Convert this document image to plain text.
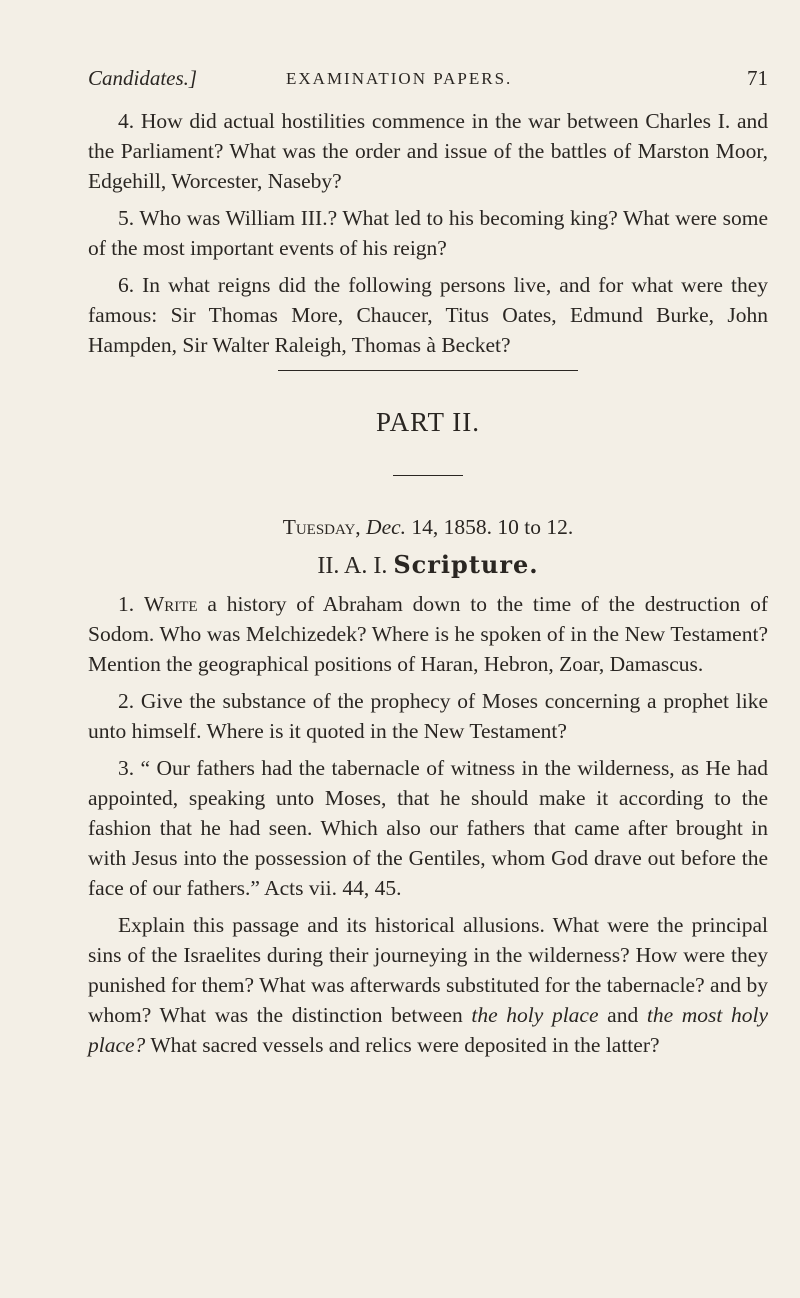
Candidates.]	EXAMINATION PAPERS.	71

4. How did actual hostilities commence in the war between Charles I. and the Parliament? What was the order and issue of the battles of Marston Moor, Edgehill, Worcester, Naseby?

5. Who was William III.? What led to his becoming king? What were some of the most important events of his reign?

6. In what reigns did the following persons live, and for what were they famous: Sir Thomas More, Chaucer, Titus Oates, Edmund Burke, John Hampden, Sir Walter Raleigh, Thomas à Becket?

PART II.

Tuesday, Dec. 14, 1858. 10 to 12.

II. A. I. Scripture.

1. Write a history of Abraham down to the time of the destruction of Sodom. Who was Melchizedek? Where is he spoken of in the New Testament? Mention the geographical positions of Haran, Hebron, Zoar, Damascus.

2. Give the substance of the prophecy of Moses concerning a prophet like unto himself. Where is it quoted in the New Testament?

3. “ Our fathers had the tabernacle of witness in the wilderness, as He had appointed, speaking unto Moses, that he should make it according to the fashion that he had seen. Which also our fathers that came after brought in with Jesus into the possession of the Gentiles, whom God drave out before the face of our fathers.” Acts vii. 44, 45.

Explain this passage and its historical allusions. What were the principal sins of the Israelites during their journeying in the wilderness? How were they punished for them? What was afterwards substituted for the tabernacle? and by whom? What was the distinction between the holy place and the most holy place? What sacred vessels and relics were deposited in the latter?
